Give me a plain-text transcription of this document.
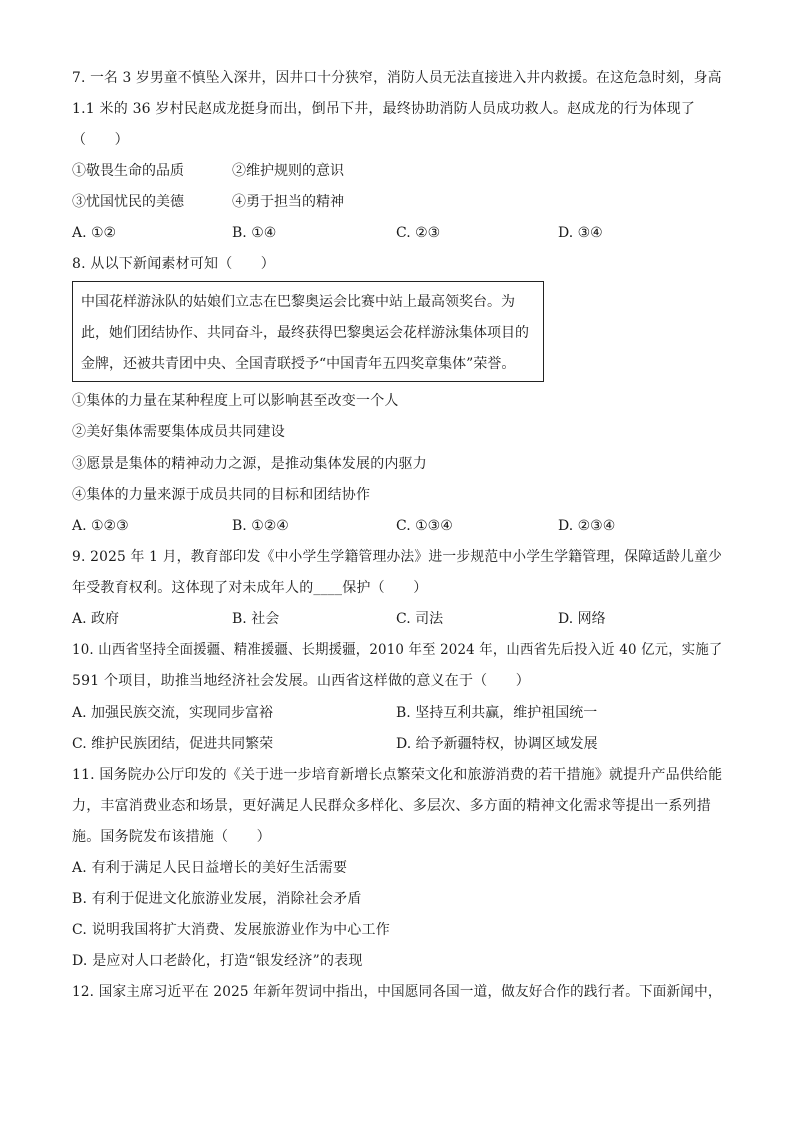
7. 一名 3 岁男童不慎坠入深井，因井口十分狭窄，消防人员无法直接进入井内救援。在这危急时刻，身高
1.1 米的 36 岁村民赵成龙挺身而出，倒吊下井，最终协助消防人员成功救人。赵成龙的行为体现了
（　　）
①敬畏生命的品质	②维护规则的意识
③忧国忧民的美德	④勇于担当的精神
A. ①②	B. ①④	C. ②③	D. ③④
8. 从以下新闻素材可知（　　）
中国花样游泳队的姑娘们立志在巴黎奥运会比赛中站上最高领奖台。为
此，她们团结协作、共同奋斗，最终获得巴黎奥运会花样游泳集体项目的
金牌，还被共青团中央、全国青联授予“中国青年五四奖章集体”荣誉。
①集体的力量在某种程度上可以影响甚至改变一个人
②美好集体需要集体成员共同建设
③愿景是集体的精神动力之源，是推动集体发展的内驱力
④集体的力量来源于成员共同的目标和团结协作
A. ①②③	B. ①②④	C. ①③④	D. ②③④
9. 2025 年 1 月，教育部印发《中小学生学籍管理办法》进一步规范中小学生学籍管理，保障适龄儿童少
年受教育权利。这体现了对未成年人的____保护（　　）
A. 政府	B. 社会	C. 司法	D. 网络
10. 山西省坚持全面援疆、精准援疆、长期援疆，2010 年至 2024 年，山西省先后投入近 40 亿元，实施了
591 个项目，助推当地经济社会发展。山西省这样做的意义在于（　　）
A. 加强民族交流，实现同步富裕	B. 坚持互利共赢，维护祖国统一
C. 维护民族团结，促进共同繁荣	D. 给予新疆特权，协调区域发展
11. 国务院办公厅印发的《关于进一步培育新增长点繁荣文化和旅游消费的若干措施》就提升产品供给能
力，丰富消费业态和场景，更好满足人民群众多样化、多层次、多方面的精神文化需求等提出一系列措
施。国务院发布该措施（　　）
A. 有利于满足人民日益增长的美好生活需要
B. 有利于促进文化旅游业发展，消除社会矛盾
C. 说明我国将扩大消费、发展旅游业作为中心工作
D. 是应对人口老龄化，打造“银发经济”的表现
12. 国家主席习近平在 2025 年新年贺词中指出，中国愿同各国一道，做友好合作的践行者。下面新闻中，
